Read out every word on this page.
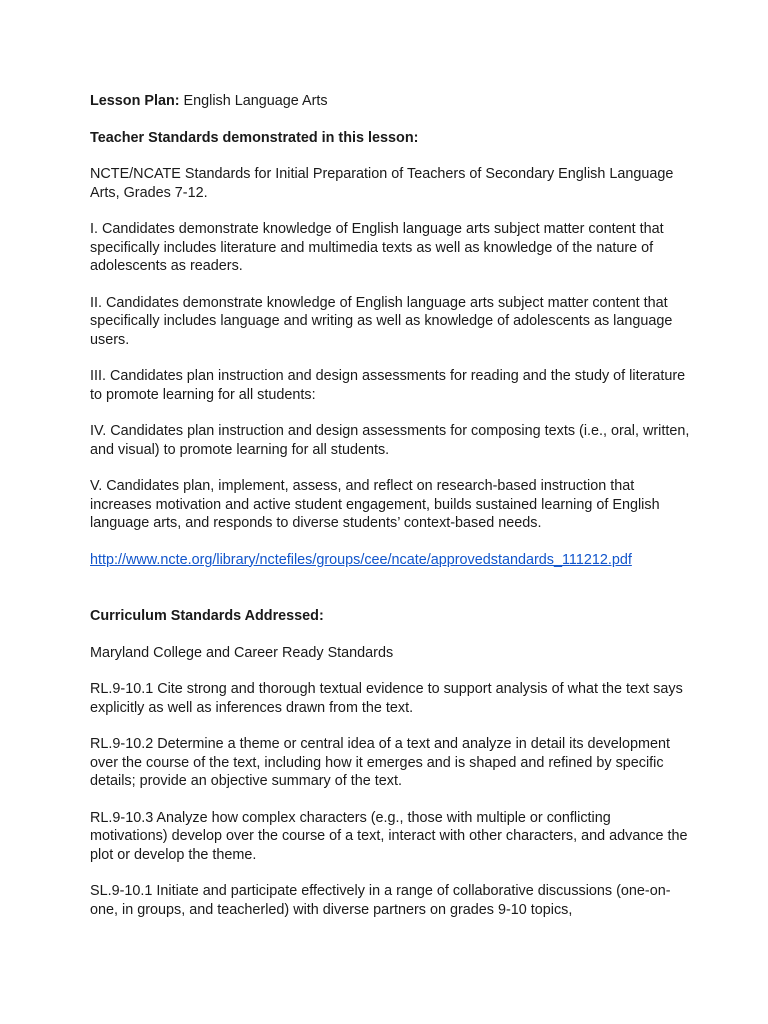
Lesson Plan: English Language Arts

Teacher Standards demonstrated in this lesson:

NCTE/NCATE Standards for Initial Preparation of Teachers of Secondary English Language Arts, Grades 7-12.

I. Candidates demonstrate knowledge of English language arts subject matter content that specifically includes literature and multimedia texts as well as knowledge of the nature of adolescents as readers.

II. Candidates demonstrate knowledge of English language arts subject matter content that specifically includes language and writing as well as knowledge of adolescents as language users.

III. Candidates plan instruction and design assessments for reading and the study of literature to promote learning for all students:

IV. Candidates plan instruction and design assessments for composing texts (i.e., oral, written, and visual) to promote learning for all students.

V. Candidates plan, implement, assess, and reflect on research-based instruction that increases motivation and active student engagement, builds sustained learning of English language arts, and responds to diverse students’ context-based needs.

http://www.ncte.org/library/nctefiles/groups/cee/ncate/approvedstandards_111212.pdf

Curriculum Standards Addressed:

Maryland College and Career Ready Standards

RL.9-10.1 Cite strong and thorough textual evidence to support analysis of what the text says explicitly as well as inferences drawn from the text.

RL.9-10.2 Determine a theme or central idea of a text and analyze in detail its development over the course of the text, including how it emerges and is shaped and refined by specific details; provide an objective summary of the text.

RL.9-10.3 Analyze how complex characters (e.g., those with multiple or conflicting motivations) develop over the course of a text, interact with other characters, and advance the plot or develop the theme.

SL.9-10.1 Initiate and participate effectively in a range of collaborative discussions (one-on-one, in groups, and teacherled) with diverse partners on grades 9-10 topics,
